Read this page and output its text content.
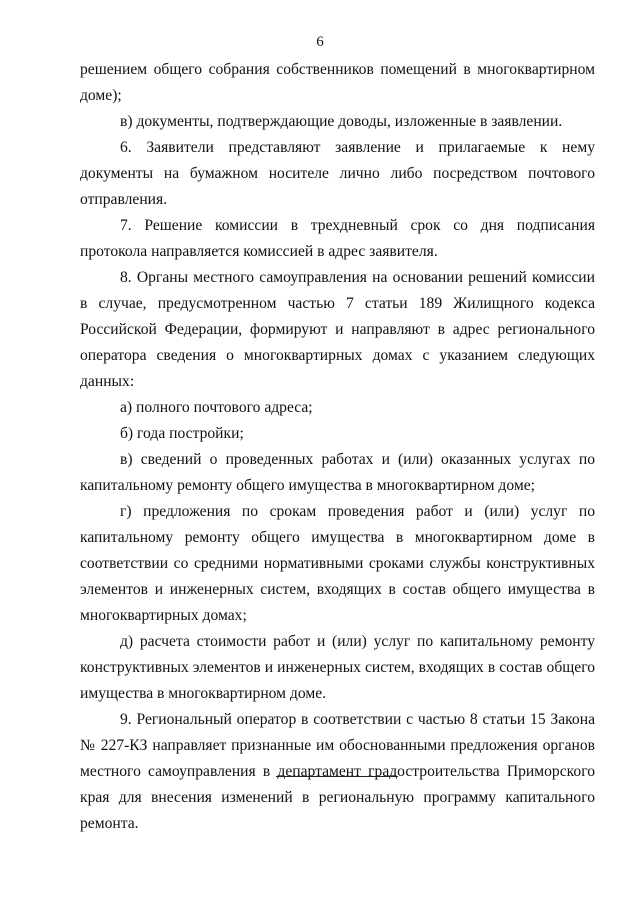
6

решением общего собрания собственников помещений в многоквартирном доме);

в) документы, подтверждающие доводы, изложенные в заявлении.

6. Заявители представляют заявление и прилагаемые к нему документы на бумажном носителе лично либо посредством почтового отправления.

7. Решение комиссии в трехдневный срок со дня подписания протокола направляется комиссией в адрес заявителя.

8. Органы местного самоуправления на основании решений комиссии в случае, предусмотренном частью 7 статьи 189 Жилищного кодекса Российской Федерации, формируют и направляют в адрес регионального оператора сведения о многоквартирных домах с указанием следующих данных:

а) полного почтового адреса;

б) года постройки;

в) сведений о проведенных работах и (или) оказанных услугах по капитальному ремонту общего имущества в многоквартирном доме;

г) предложения по срокам проведения работ и (или) услуг по капитальному ремонту общего имущества в многоквартирном доме в соответствии со средними нормативными сроками службы конструктивных элементов и инженерных систем, входящих в состав общего имущества в многоквартирных домах;

д) расчета стоимости работ и (или) услуг по капитальному ремонту конструктивных элементов и инженерных систем, входящих в состав общего имущества в многоквартирном доме.

9. Региональный оператор в соответствии с частью 8 статьи 15 Закона № 227-КЗ направляет признанные им обоснованными предложения органов местного самоуправления в департамент градостроительства Приморского края для внесения изменений в региональную программу капитального ремонта.
